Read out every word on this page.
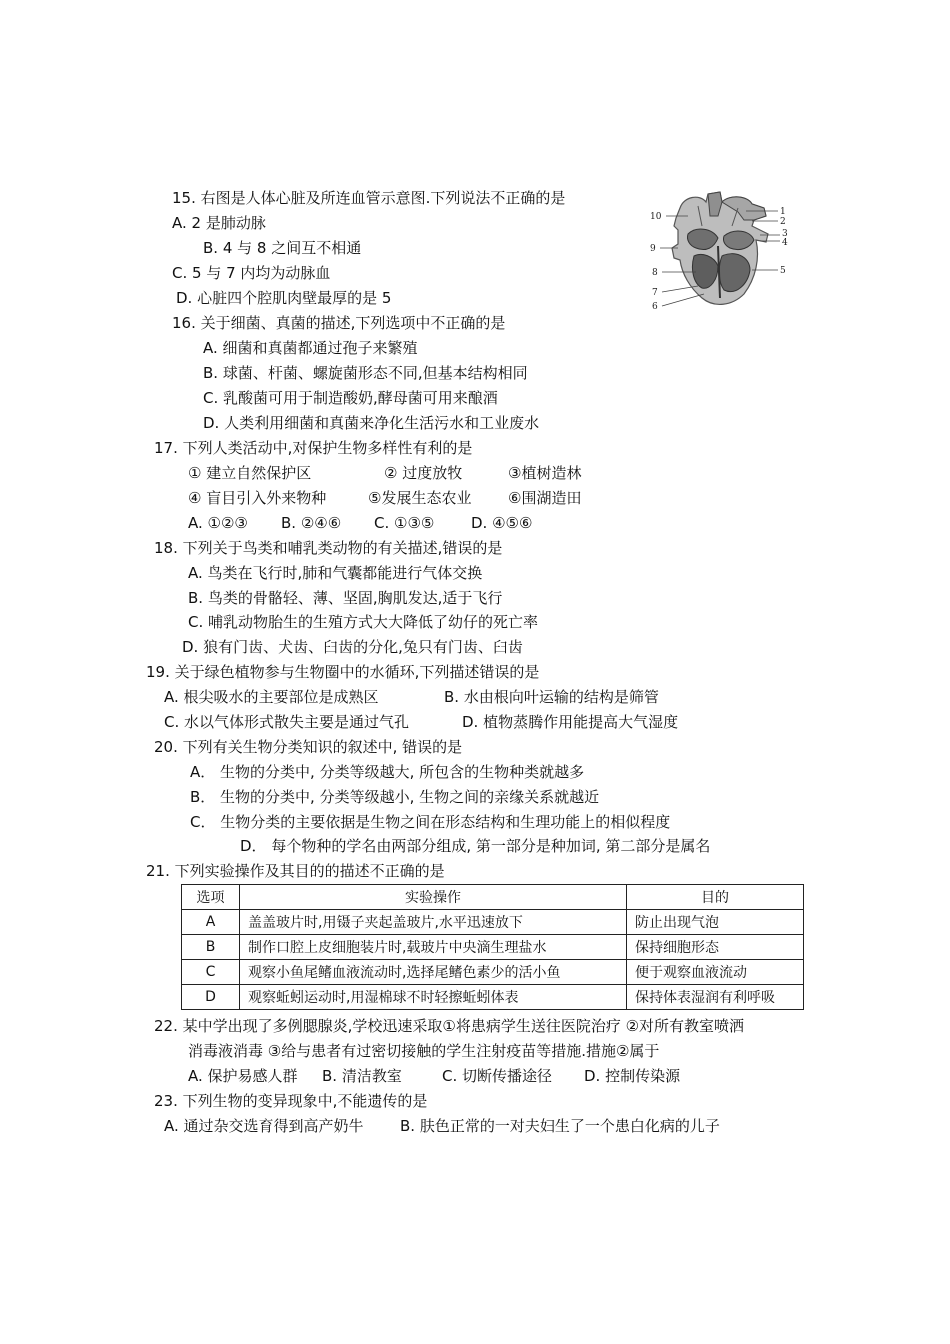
15. 右图是人体心脏及所连血管示意图.下列说法不正确的是
A. 2 是肺动脉
B. 4 与 8 之间互不相通
C. 5 与 7 内均为动脉血
D. 心脏四个腔肌肉壁最厚的是 5
10	1
2
3
4
9
5
8
7
6
16. 关于细菌、真菌的描述,下列选项中不正确的是
A. 细菌和真菌都通过孢子来繁殖
B. 球菌、杆菌、螺旋菌形态不同,但基本结构相同
C. 乳酸菌可用于制造酸奶,酵母菌可用来酿酒
D. 人类利用细菌和真菌来净化生活污水和工业废水
17. 下列人类活动中,对保护生物多样性有利的是
① 建立自然保护区	② 过度放牧	③植树造林
④ 盲目引入外来物种	⑤发展生态农业 ⑥围湖造田
A. ①②③ B. ②④⑥ C. ①③⑤ D. ④⑤⑥
18. 下列关于鸟类和哺乳类动物的有关描述,错误的是
A. 鸟类在飞行时,肺和气囊都能进行气体交换
B. 鸟类的骨骼轻、薄、坚固,胸肌发达,适于飞行
C. 哺乳动物胎生的生殖方式大大降低了幼仔的死亡率
D. 狼有门齿、犬齿、臼齿的分化,兔只有门齿、臼齿
19. 关于绿色植物参与生物圈中的水循环,下列描述错误的是
A. 根尖吸水的主要部位是成熟区	B. 水由根向叶运输的结构是筛管
C. 水以气体形式散失主要是通过气孔	D. 植物蒸腾作用能提高大气湿度
20. 下列有关生物分类知识的叙述中, 错误的是
A． 生物的分类中, 分类等级越大, 所包含的生物种类就越多
B． 生物的分类中, 分类等级越小, 生物之间的亲缘关系就越近
C． 生物分类的主要依据是生物之间在形态结构和生理功能上的相似程度
D． 每个物种的学名由两部分组成, 第一部分是种加词, 第二部分是属名
21. 下列实验操作及其目的的描述不正确的是
选项	实验操作	目的
A	盖盖玻片时,用镊子夹起盖玻片,水平迅速放下	防止出现气泡
B	制作口腔上皮细胞装片时,载玻片中央滴生理盐水	保持细胞形态
C	观察小鱼尾鳍血液流动时,选择尾鳍色素少的活小鱼	便于观察血液流动
D	观察蚯蚓运动时,用湿棉球不时轻擦蚯蚓体表	保持体表湿润有利呼吸
22. 某中学出现了多例腮腺炎,学校迅速采取①将患病学生送往医院治疗 ②对所有教室喷洒
消毒液消毒 ③给与患者有过密切接触的学生注射疫苗等措施.措施②属于
A. 保护易感人群 B. 清洁教室	C. 切断传播途径 D. 控制传染源
23. 下列生物的变异现象中,不能遗传的是
A. 通过杂交选育得到高产奶牛 B. 肤色正常的一对夫妇生了一个患白化病的儿子
